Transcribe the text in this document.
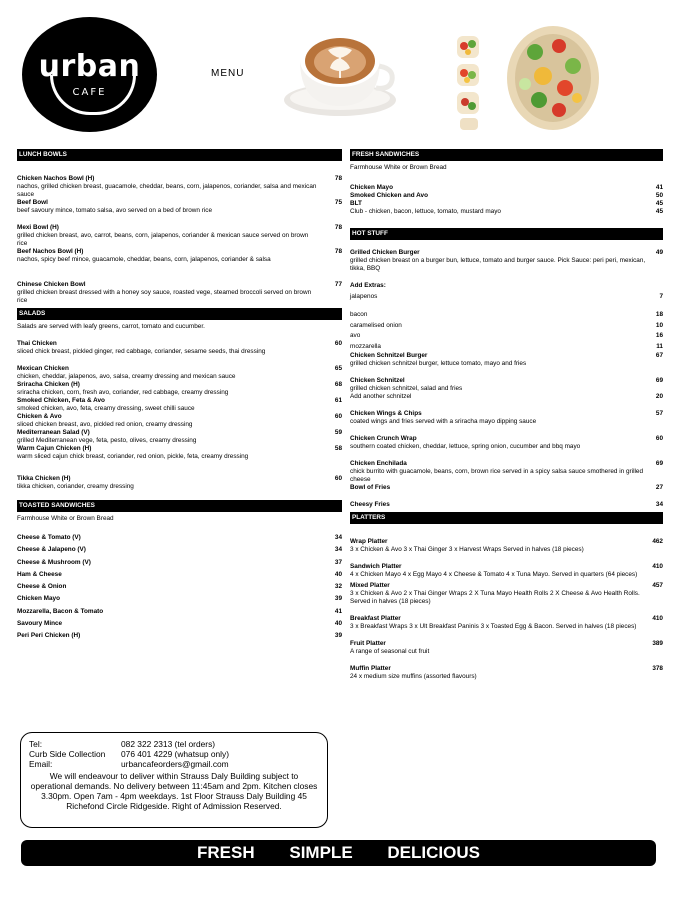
urban
CAFE
MENU
LUNCH BOWLS
Chicken Nachos Bowl (H)	78
nachos, grilled chicken breast, guacamole, cheddar, beans, corn, jalapenos, coriander, salsa and mexican sauce
Beef Bowl	75
beef savoury mince, tomato salsa, avo served on a bed of brown rice
Mexi Bowl (H)	78
grilled chicken breast, avo, carrot, beans, corn, jalapenos, coriander & mexican sauce served on brown rice
Beef Nachos Bowl (H)	78
nachos, spicy beef mince, guacamole, cheddar, beans, corn, jalapenos, coriander & salsa
Chinese Chicken Bowl	77
grilled chicken breast dressed with a honey soy sauce, roasted vege, steamed broccoli served on brown rice
SALADS
Salads are served with leafy greens, carrot, tomato and cucumber.
Thai Chicken	60
sliced chick breast, pickled ginger, red cabbage, coriander, sesame seeds, thai dressing
Mexican Chicken	65
chicken, cheddar, jalapenos, avo, salsa, creamy dressing and mexican sauce
Sriracha Chicken (H)	68
sriracha chicken, corn, fresh avo, coriander, red cabbage, creamy dressing
Smoked Chicken, Feta & Avo	61
smoked chicken, avo, feta, creamy dressing, sweet chilli sauce
Chicken & Avo	60
sliced chicken breast, avo, pickled red onion, creamy dressing
Mediterranean Salad (V)	59
grilled Mediterranean vege, feta, pesto, olives, creamy dressing
Warm Cajun Chicken (H)	58
warm sliced cajun chick breast, coriander, red onion, pickle, feta, creamy dressing
Tikka Chicken (H)	60
tikka chicken, coriander, creamy dressing
TOASTED SANDWICHES
Farmhouse White or Brown Bread
Cheese & Tomato (V)	34
Cheese & Jalapeno (V)	34
Cheese & Mushroom (V)	37
Ham & Cheese	40
Cheese & Onion	32
Chicken Mayo	39
Mozzarella, Bacon & Tomato	41
Savoury Mince	40
Peri Peri Chicken (H)	39
Tel:	082 322 2313 (tel orders)
Curb Side Collection	076 401 4229 (whatsup only)
Email:	urbancafeorders@gmail.com
We will endeavour to deliver within Strauss Daly Building subject to operational demands. No delivery between 11:45am and 2pm. Kitchen closes 3.30pm. Open 7am - 4pm weekdays. 1st Floor Strauss Daly Building 45 Richefond Circle Ridgeside. Right of Admission Reserved.
FRESH SANDWICHES
Farmhouse White or Brown Bread
Chicken Mayo	41
Smoked Chicken and Avo	50
BLT	45
Club - chicken, bacon, lettuce, tomato, mustard mayo	45
HOT STUFF
Grilled Chicken Burger	49
grilled chicken breast on a burger bun, lettuce, tomato and burger sauce. Pick Sauce: peri peri, mexican, tikka, BBQ
Add Extras:
jalapenos	7
bacon	18
caramelised onion	10
avo	16
mozzarella	11
Chicken Schnitzel Burger	67
grilled chicken schnitzel burger, lettuce tomato, mayo and fries
Chicken Schnitzel	69
grilled chicken schnitzel, salad and fries
Add another schnitzel	20
Chicken Wings & Chips	57
coated wings and fries served with a sriracha mayo dipping sauce
Chicken Crunch Wrap	60
southern coated chicken, cheddar, lettuce, spring onion, cucumber and bbq mayo
Chicken Enchilada	69
chick burrito with guacamole, beans, corn, brown rice served in a spicy salsa sauce smothered in grilled cheese
Bowl of Fries	27
Cheesy Fries	34
PLATTERS
Wrap Platter	462
3 x Chicken & Avo 3 x Thai Ginger 3 x Harvest Wraps Served in halves (18 pieces)
Sandwich Platter	410
4 x Chicken Mayo 4 x Egg Mayo 4 x Cheese & Tomato 4 x Tuna Mayo. Served in quarters (64 pieces)
Mixed Platter	457
3 x Chicken & Avo 2 x Thai Ginger Wraps 2 X Tuna Mayo Health Rolls 2 X Cheese & Avo Health Rolls. Served in halves (18 pieces)
Breakfast Platter	410
3 x Breakfast Wraps 3 x Ult Breakfast Paninis 3 x Toasted Egg & Bacon. Served in halves (18 pieces)
Fruit Platter	389
A range of seasonal cut fruit
Muffin Platter	378
24 x medium size muffins (assorted flavours)
FRESH SIMPLE DELICIOUS
